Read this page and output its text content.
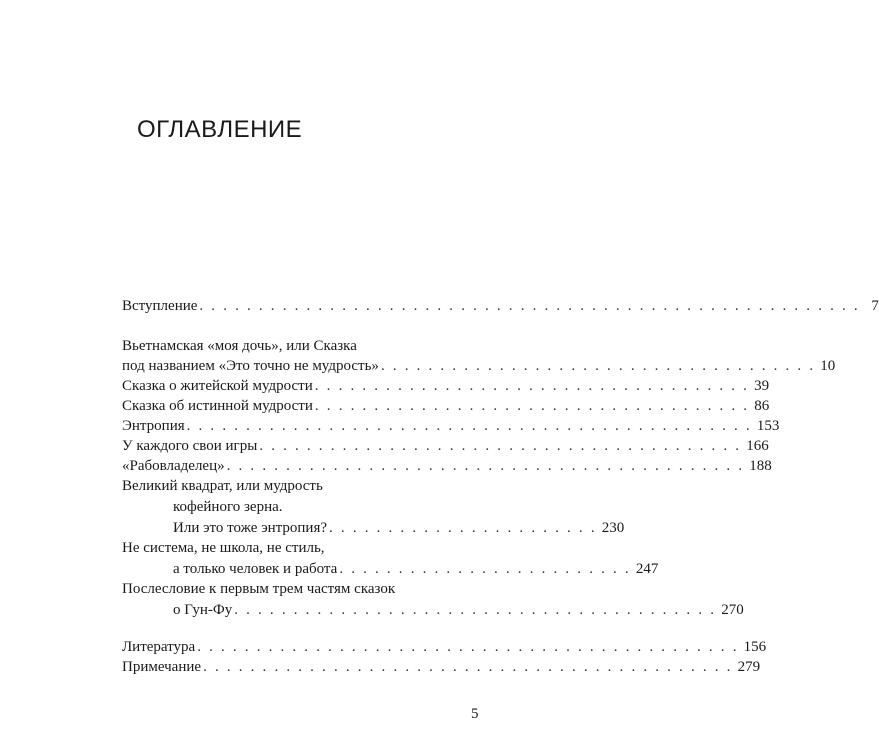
ОГЛАВЛЕНИЕ
Вступление . . . . . . . . . . . . . . . . . . . . . . . . . . . . . . . . . . . . . . . . . . . . . . . . . . . . . . . . 7
Вьетнамская «моя дочь», или Сказка
под названием «Это точно не мудрость» . . . . . . . . . . . . . . . . . . . . . . . . . . . . . . . . . . . . . 10
Сказка о житейской мудрости . . . . . . . . . . . . . . . . . . . . . . . . . . . . . . . . . . . . . 39
Сказка об истинной мудрости . . . . . . . . . . . . . . . . . . . . . . . . . . . . . . . . . . . . . 86
Энтропия . . . . . . . . . . . . . . . . . . . . . . . . . . . . . . . . . . . . . . . . . . . . . . . . 153
У каждого свои игры . . . . . . . . . . . . . . . . . . . . . . . . . . . . . . . . . . . . . . . . . 166
«Рабовладелец» . . . . . . . . . . . . . . . . . . . . . . . . . . . . . . . . . . . . . . . . . . . . 188
Великий квадрат, или мудрость
кофейного зерна.
Или это тоже энтропия? . . . . . . . . . . . . . . . . . . . . . . . 230
Не система, не школа, не стиль,
а только человек и работа . . . . . . . . . . . . . . . . . . . . . . . . . 247
Послесловие к первым трем частям сказок
о Гун-Фу . . . . . . . . . . . . . . . . . . . . . . . . . . . . . . . . . . . . . . . . . 270
Литература . . . . . . . . . . . . . . . . . . . . . . . . . . . . . . . . . . . . . . . . . . . . . . 156
Примечание . . . . . . . . . . . . . . . . . . . . . . . . . . . . . . . . . . . . . . . . . . . . . 279
5
